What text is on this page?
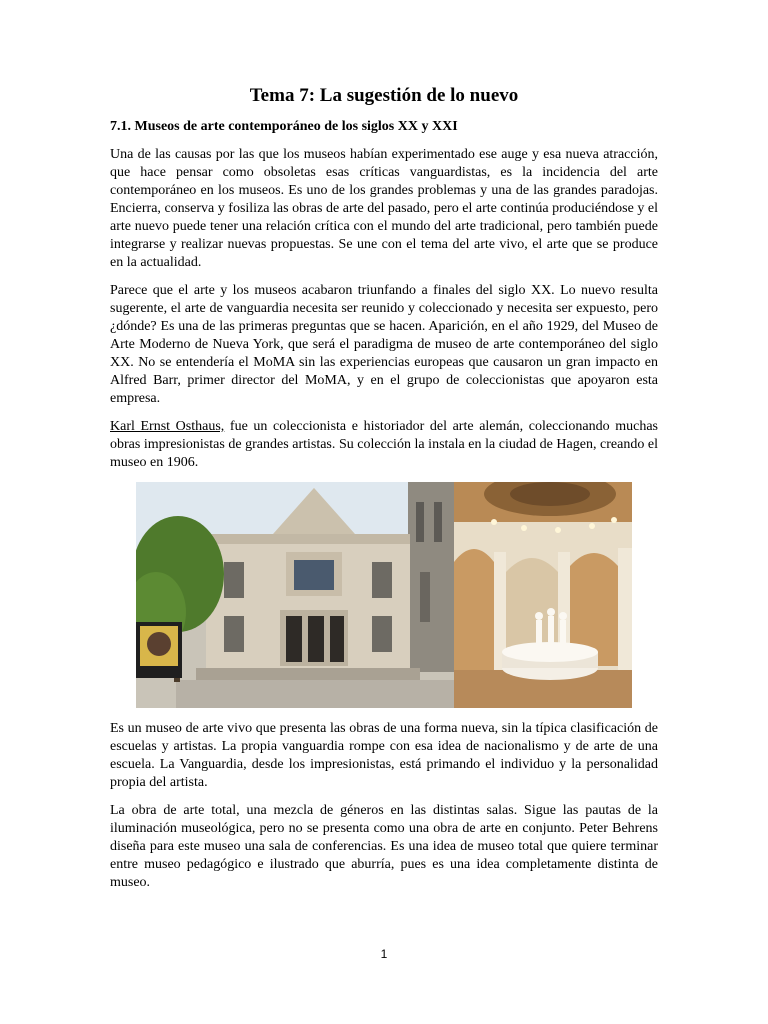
Tema 7: La sugestión de lo nuevo
7.1. Museos de arte contemporáneo de los siglos XX y XXI

Una de las causas por las que los museos habían experimentado ese auge y esa nueva atracción, que hace pensar como obsoletas esas críticas vanguardistas, es la incidencia del arte contemporáneo en los museos. Es uno de los grandes problemas y una de las grandes paradojas. Encierra, conserva y fosiliza las obras de arte del pasado, pero el arte continúa produciéndose y el arte nuevo puede tener una relación crítica con el mundo del arte tradicional, pero también puede integrarse y realizar nuevas propuestas. Se une con el tema del arte vivo, el arte que se produce en la actualidad.

Parece que el arte y los museos acabaron triunfando a finales del siglo XX. Lo nuevo resulta sugerente, el arte de vanguardia necesita ser reunido y coleccionado y necesita ser expuesto, pero ¿dónde? Es una de las primeras preguntas que se hacen. Aparición, en el año 1929, del Museo de Arte Moderno de Nueva York, que será el paradigma de museo de arte contemporáneo del siglo XX. No se entendería el MoMA sin las experiencias europeas que causaron un gran impacto en Alfred Barr, primer director del MoMA, y en el grupo de coleccionistas que apoyaron esta empresa.

Karl Ernst Osthaus, fue un coleccionista e historiador del arte alemán, coleccionando muchas obras impresionistas de grandes artistas. Su colección la instala en la ciudad de Hagen, creando el museo en 1906.

Es un museo de arte vivo que presenta las obras de una forma nueva, sin la típica clasificación de escuelas y artistas. La propia vanguardia rompe con esa idea de nacionalismo y de arte de una escuela. La Vanguardia, desde los impresionistas, está primando el individuo y la personalidad propia del artista.

La obra de arte total, una mezcla de géneros en las distintas salas. Sigue las pautas de la iluminación museológica, pero no se presenta como una obra de arte en conjunto. Peter Behrens diseña para este museo una sala de conferencias. Es una idea de museo total que quiere terminar entre museo pedagógico e ilustrado que aburría, pues es una idea completamente distinta de museo.

1
